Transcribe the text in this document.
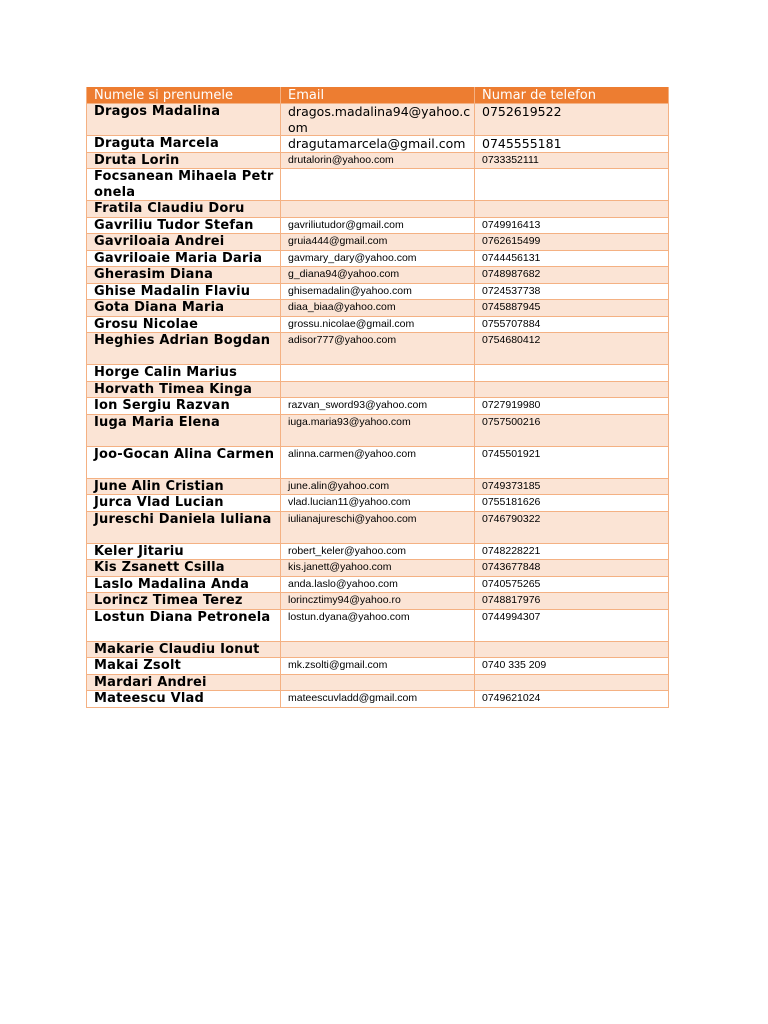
Numele si prenumele	Email	Numar de telefon
Dragos Madalina	dragos.madalina94@yahoo.com	0752619522
Draguta Marcela	dragutamarcela@gmail.com	0745555181
Druta Lorin	drutalorin@yahoo.com	0733352111
Focsanean Mihaela Petronela		
Fratila Claudiu Doru		
Gavriliu Tudor Stefan	gavriliutudor@gmail.com	0749916413
Gavriloaia Andrei	gruia444@gmail.com	0762615499
Gavriloaie Maria Daria	gavmary_dary@yahoo.com	0744456131
Gherasim Diana	g_diana94@yahoo.com	0748987682
Ghise Madalin Flaviu	ghisemadalin@yahoo.com	0724537738
Gota Diana Maria	diaa_biaa@yahoo.com	0745887945
Grosu Nicolae	grossu.nicolae@gmail.com	0755707884
Heghies Adrian Bogdan	adisor777@yahoo.com	0754680412
Horge Calin Marius		
Horvath Timea Kinga		
Ion Sergiu Razvan	razvan_sword93@yahoo.com	0727919980
Iuga Maria Elena	iuga.maria93@yahoo.com	0757500216
Joo-Gocan Alina Carmen	alinna.carmen@yahoo.com	0745501921
June Alin Cristian	june.alin@yahoo.com	0749373185
Jurca Vlad Lucian	vlad.lucian11@yahoo.com	0755181626
Jureschi Daniela Iuliana	iulianajureschi@yahoo.com	0746790322
Keler Jitariu	robert_keler@yahoo.com	0748228221
Kis Zsanett Csilla	kis.janett@yahoo.com	0743677848
Laslo Madalina Anda	anda.laslo@yahoo.com	0740575265
Lorincz Timea Terez	lorincztimy94@yahoo.ro	0748817976
Lostun Diana Petronela	lostun.dyana@yahoo.com	0744994307
Makarie Claudiu Ionut		
Makai Zsolt	mk.zsolti@gmail.com	0740 335 209
Mardari Andrei		
Mateescu Vlad	mateescuvladd@gmail.com	0749621024
